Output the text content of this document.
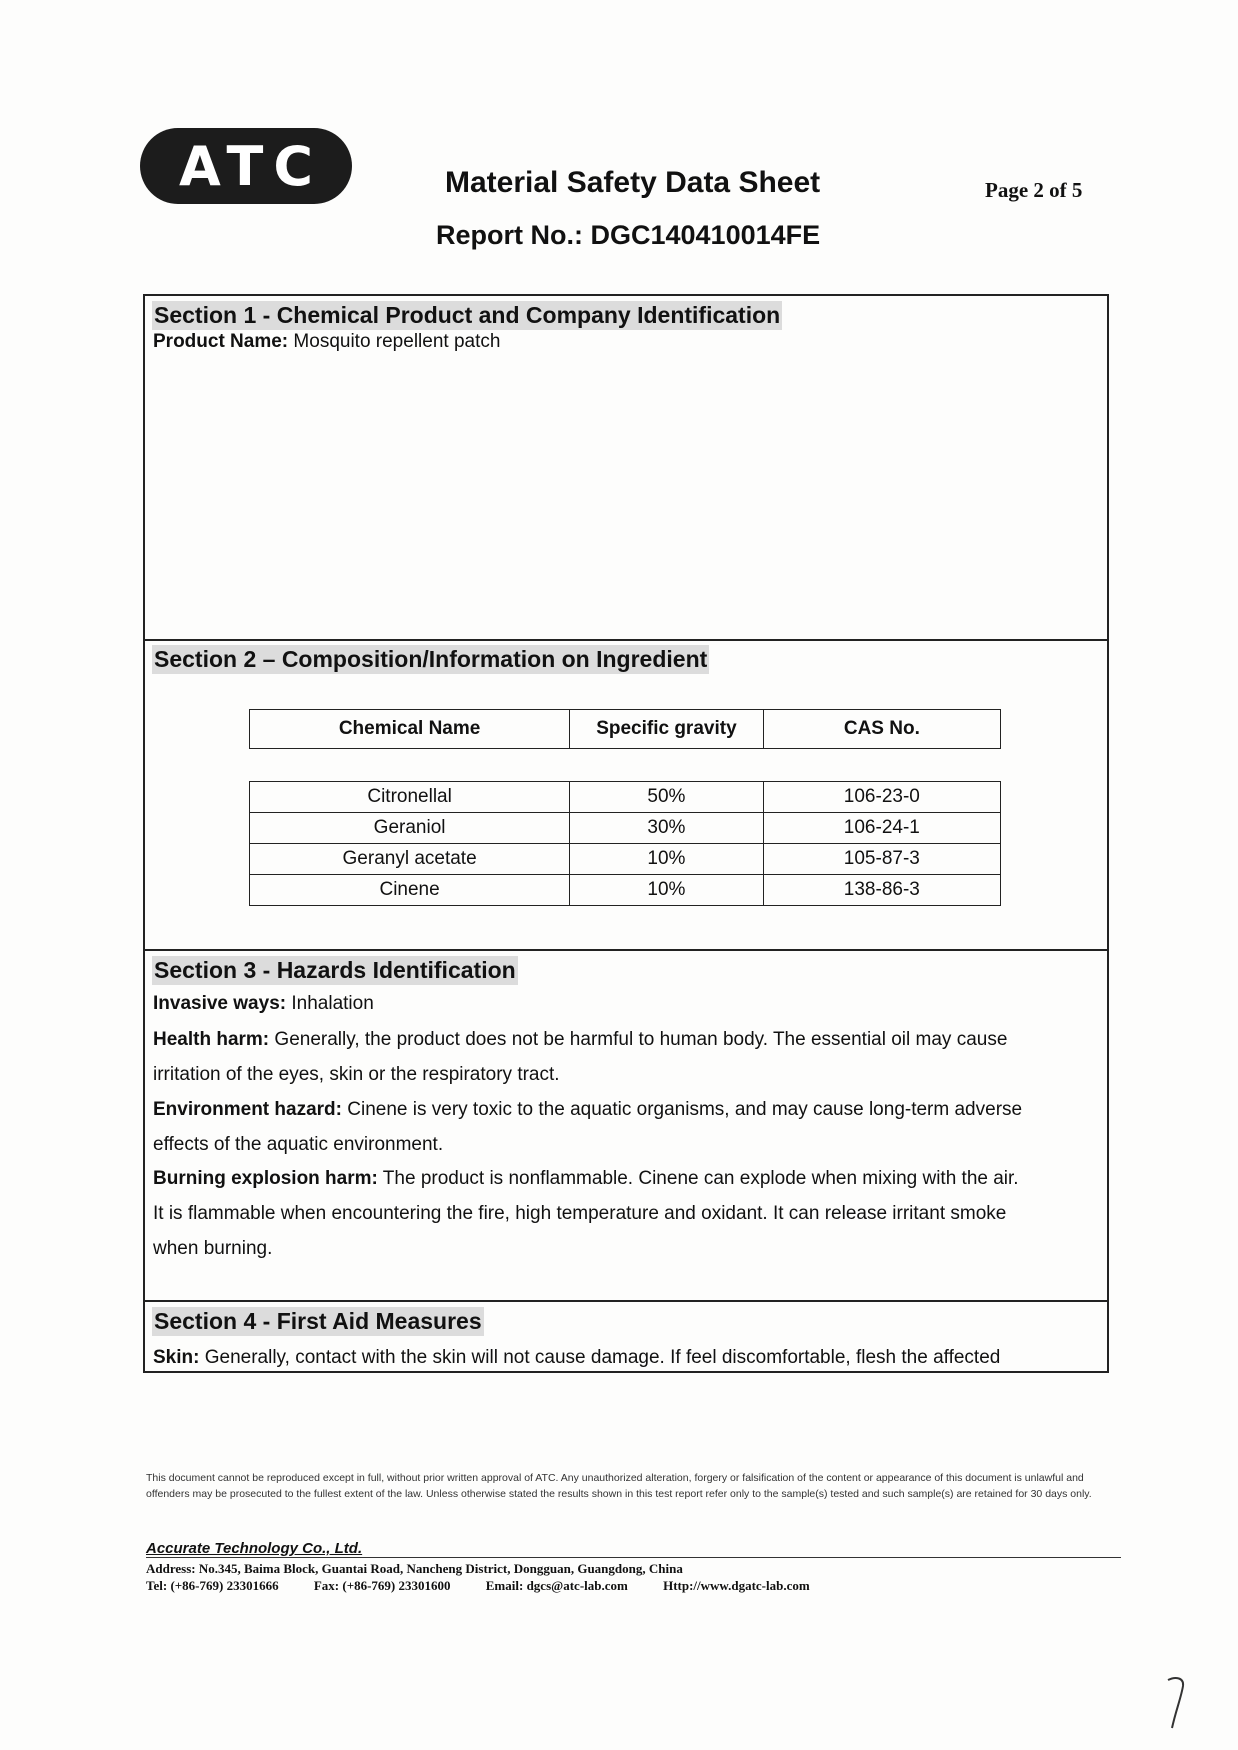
ATC	Material Safety Data Sheet	Page 2 of 5
Report No.: DGC140410014FE
Section 1 - Chemical Product and Company Identification
Product Name: Mosquito repellent patch
Section 2 – Composition/Information on Ingredient
Chemical Name	Specific gravity	CAS No.
Citronellal	50%	106-23-0
Geraniol	30%	106-24-1
Geranyl acetate	10%	105-87-3
Cinene	10%	138-86-3
Section 3 - Hazards Identification
Invasive ways: Inhalation
Health harm: Generally, the product does not be harmful to human body. The essential oil may cause
irritation of the eyes, skin or the respiratory tract.
Environment hazard: Cinene is very toxic to the aquatic organisms, and may cause long-term adverse
effects of the aquatic environment.
Burning explosion harm: The product is nonflammable. Cinene can explode when mixing with the air.
It is flammable when encountering the fire, high temperature and oxidant. It can release irritant smoke
when burning.
Section 4 - First Aid Measures
Skin: Generally, contact with the skin will not cause damage. If feel discomfortable, flesh the affected
This document cannot be reproduced except in full, without prior written approval of ATC. Any unauthorized alteration, forgery or falsification of the content or appearance of this document is unlawful and offenders may be prosecuted to the fullest extent of the law. Unless otherwise stated the results shown in this test report refer only to the sample(s) tested and such sample(s) are retained for 30 days only.
Accurate Technology Co., Ltd.
Address: No.345, Baima Block, Guantai Road, Nancheng District, Dongguan, Guangdong, China
Tel: (+86-769) 23301666	Fax: (+86-769) 23301600	Email: dgcs@atc-lab.com	Http://www.dgatc-lab.com
